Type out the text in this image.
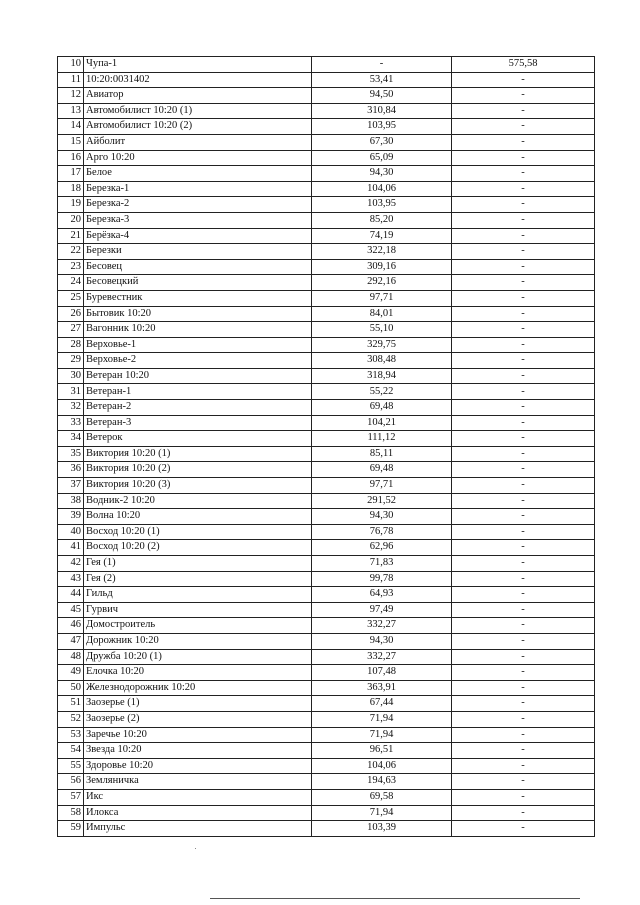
10	Чупа-1	-	575,58
11	10:20:0031402	53,41	-
12	Авиатор	94,50	-
13	Автомобилист 10:20 (1)	310,84	-
14	Автомобилист 10:20 (2)	103,95	-
15	Айболит	67,30	-
16	Арго 10:20	65,09	-
17	Белое	94,30	-
18	Березка-1	104,06	-
19	Березка-2	103,95	-
20	Березка-3	85,20	-
21	Берёзка-4	74,19	-
22	Березки	322,18	-
23	Бесовец	309,16	-
24	Бесовецкий	292,16	-
25	Буревестник	97,71	-
26	Бытовик 10:20	84,01	-
27	Вагонник 10:20	55,10	-
28	Верховье-1	329,75	-
29	Верховье-2	308,48	-
30	Ветеран 10:20	318,94	-
31	Ветеран-1	55,22	-
32	Ветеран-2	69,48	-
33	Ветеран-3	104,21	-
34	Ветерок	111,12	-
35	Виктория 10:20 (1)	85,11	-
36	Виктория 10:20 (2)	69,48	-
37	Виктория 10:20 (3)	97,71	-
38	Водник-2 10:20	291,52	-
39	Волна 10:20	94,30	-
40	Восход 10:20 (1)	76,78	-
41	Восход 10:20 (2)	62,96	-
42	Гея (1)	71,83	-
43	Гея (2)	99,78	-
44	Гильд	64,93	-
45	Гурвич	97,49	-
46	Домостроитель	332,27	-
47	Дорожник 10:20	94,30	-
48	Дружба 10:20 (1)	332,27	-
49	Елочка 10:20	107,48	-
50	Железнодорожник 10:20	363,91	-
51	Заозерье (1)	67,44	-
52	Заозерье (2)	71,94	-
53	Заречье 10:20	71,94	-
54	Звезда 10:20	96,51	-
55	Здоровье 10:20	104,06	-
56	Земляничка	194,63	-
57	Икс	69,58	-
58	Илокса	71,94	-
59	Импульс	103,39	-
